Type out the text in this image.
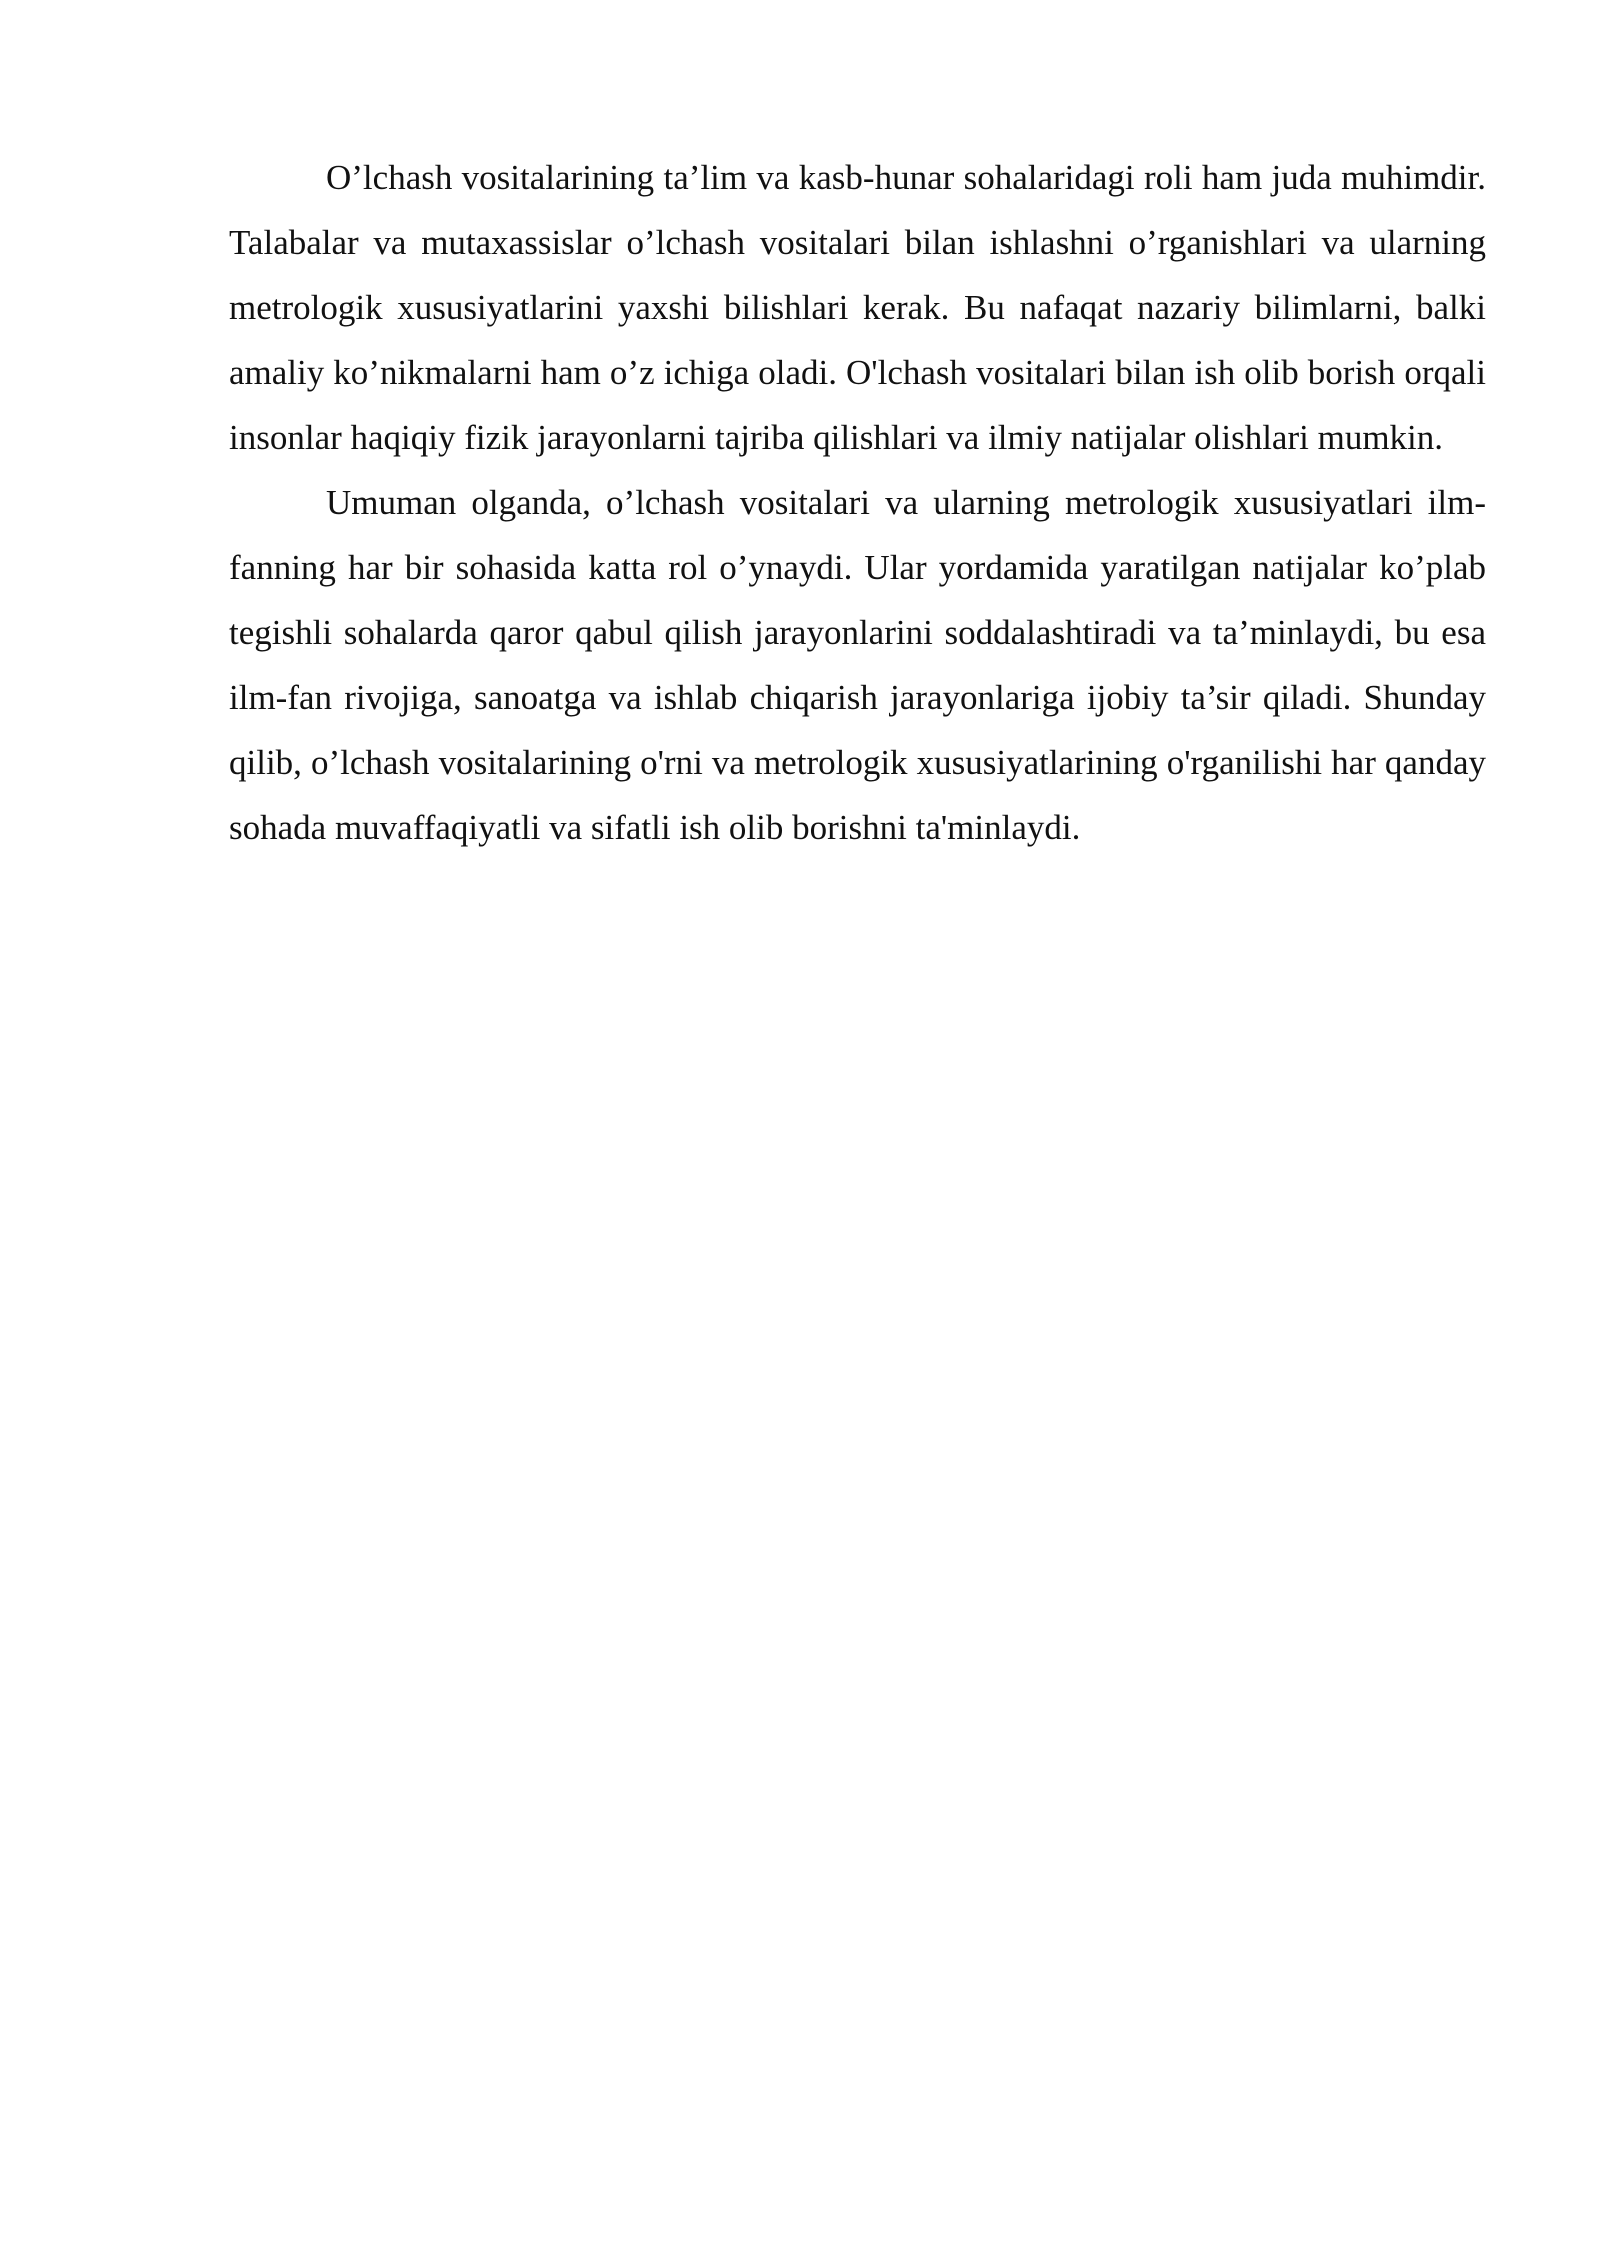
O’lchash vositalarining ta’lim va kasb-hunar sohalaridagi roli ham juda muhimdir. Talabalar va mutaxassislar o’lchash vositalari bilan ishlashni o’rganishlari va ularning metrologik xususiyatlarini yaxshi bilishlari kerak. Bu nafaqat nazariy bilimlarni, balki amaliy ko’nikmalarni ham o’z ichiga oladi. O'lchash vositalari bilan ish olib borish orqali insonlar haqiqiy fizik jarayonlarni tajriba qilishlari va ilmiy natijalar olishlari mumkin.

Umuman olganda, o’lchash vositalari va ularning metrologik xususiyatlari ilm-fanning har bir sohasida katta rol o’ynaydi. Ular yordamida yaratilgan natijalar ko’plab tegishli sohalarda qaror qabul qilish jarayonlarini soddalashtiradi va ta’minlaydi, bu esa ilm-fan rivojiga, sanoatga va ishlab chiqarish jarayonlariga ijobiy ta’sir qiladi. Shunday qilib, o’lchash vositalarining o'rni va metrologik xususiyatlarining o'rganilishi har qanday sohada muvaffaqiyatli va sifatli ish olib borishni ta'minlaydi.
